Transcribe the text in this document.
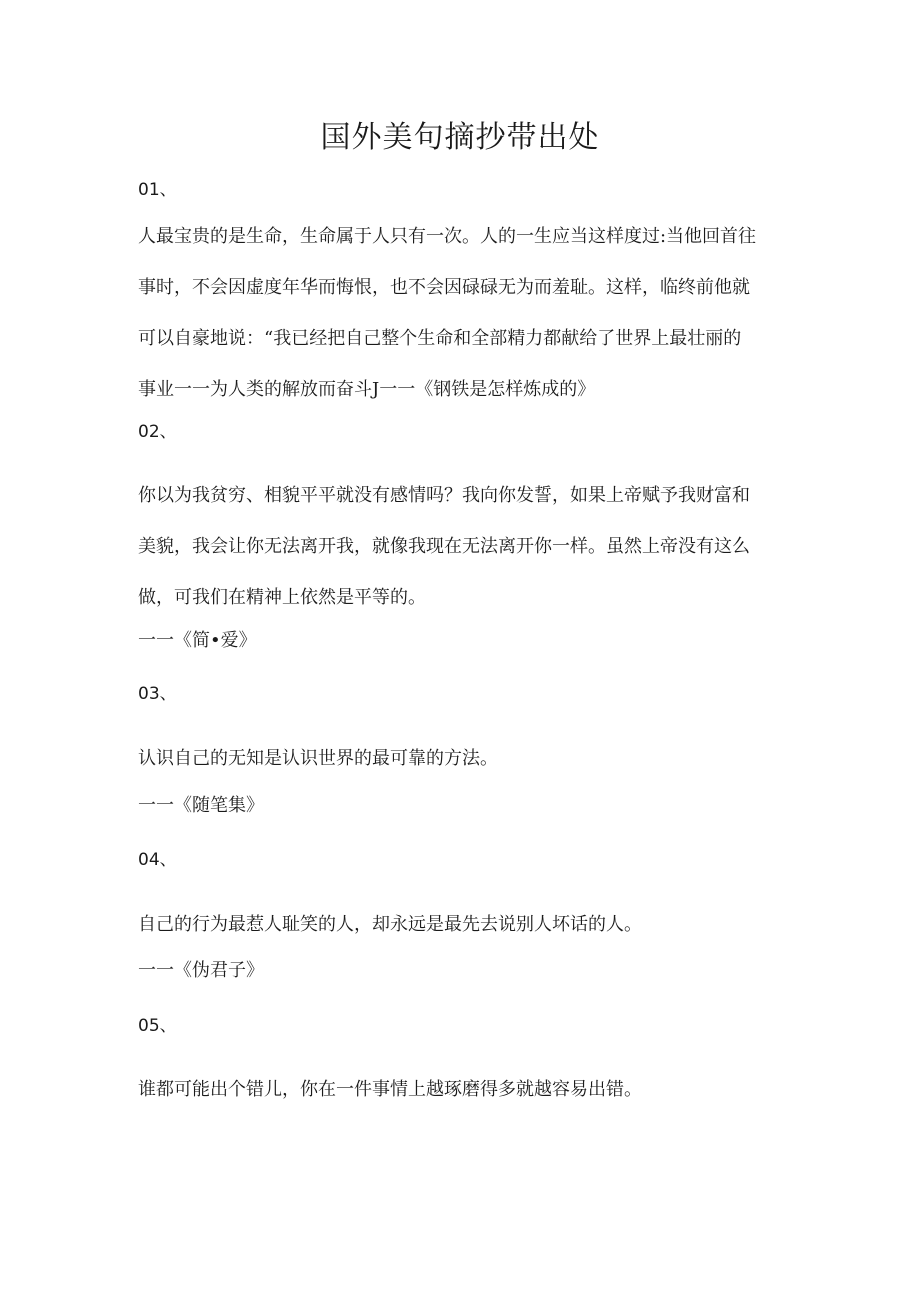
国外美句摘抄带出处

01、

人最宝贵的是生命，生命属于人只有一次。人的一生应当这样度过:当他回首往

事时，不会因虚度年华而悔恨，也不会因碌碌无为而羞耻。这样，临终前他就

可以自豪地说：“我已经把自己整个生命和全部精力都献给了世界上最壮丽的

事业一一为人类的解放而奋斗J一一《钢铁是怎样炼成的》

02、

你以为我贫穷、相貌平平就没有感情吗？我向你发誓，如果上帝赋予我财富和

美貌，我会让你无法离开我，就像我现在无法离开你一样。虽然上帝没有这么

做，可我们在精神上依然是平等的。

一一《简•爱》

03、

认识自己的无知是认识世界的最可靠的方法。

一一《随笔集》

04、

自己的行为最惹人耻笑的人，却永远是最先去说别人坏话的人。

一一《伪君子》

05、

谁都可能出个错儿，你在一件事情上越琢磨得多就越容易出错。
